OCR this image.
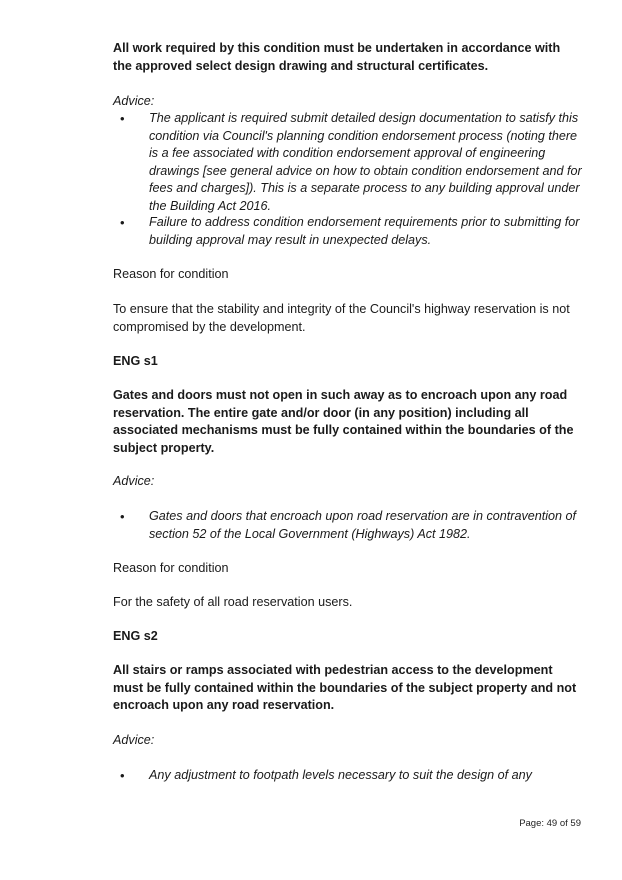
All work required by this condition must be undertaken in accordance with the approved select design drawing and structural certificates.

Advice:

• The applicant is required submit detailed design documentation to satisfy this condition via Council's planning condition endorsement process (noting there is a fee associated with condition endorsement approval of engineering drawings [see general advice on how to obtain condition endorsement and for fees and charges]). This is a separate process to any building approval under the Building Act 2016.

• Failure to address condition endorsement requirements prior to submitting for building approval may result in unexpected delays.

Reason for condition

To ensure that the stability and integrity of the Council's highway reservation is not compromised by the development.

ENG s1

Gates and doors must not open in such away as to encroach upon any road reservation. The entire gate and/or door (in any position) including all associated mechanisms must be fully contained within the boundaries of the subject property.

Advice:

• Gates and doors that encroach upon road reservation are in contravention of section 52 of the Local Government (Highways) Act 1982.

Reason for condition

For the safety of all road reservation users.

ENG s2

All stairs or ramps associated with pedestrian access to the development must be fully contained within the boundaries of the subject property and not encroach upon any road reservation.

Advice:

• Any adjustment to footpath levels necessary to suit the design of any

Page: 49 of 59
